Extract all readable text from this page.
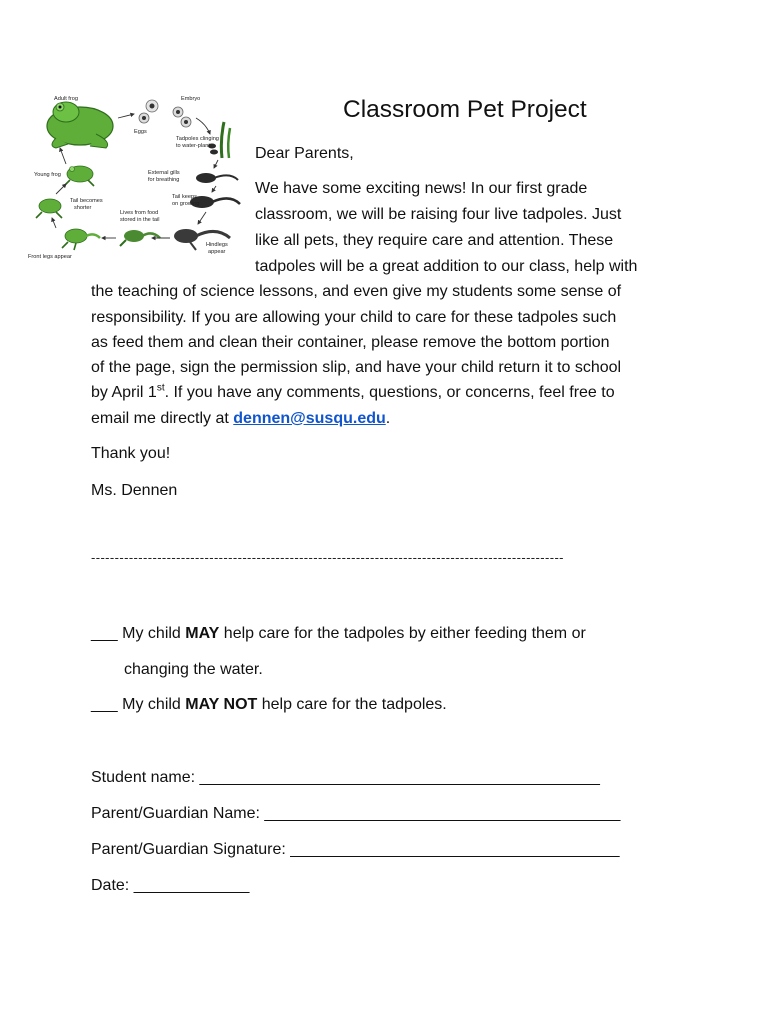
Adult frog	Embryo
Eggs
Tadpoles clinging
to water-plant
External gills
for breathing
Tail keeps
on growing
Hindlegs
appear
Lives from food
stored in the tail
Front legs appear
Tail becomes
shorter
Young frog
Classroom Pet Project
Dear Parents,
We have some exciting news! In our first grade
classroom, we will be raising four live tadpoles. Just
like all pets, they require care and attention. These
tadpoles will be a great addition to our class, help with
the teaching of science lessons, and even give my students some sense of
responsibility. If you are allowing your child to care for these tadpoles such
as feed them and clean their container, please remove the bottom portion
of the page, sign the permission slip, and have your child return it to school
by April 1st. If you have any comments, questions, or concerns, feel free to
email me directly at dennen@susqu.edu.
Thank you!
Ms. Dennen
----------------------------------------------------------------------------------------------------
___ My child MAY help care for the tadpoles by either feeding them or
changing the water.
___ My child MAY NOT help care for the tadpoles.
Student name: _____________________________________________
Parent/Guardian Name: ________________________________________
Parent/Guardian Signature: _____________________________________
Date: _____________
